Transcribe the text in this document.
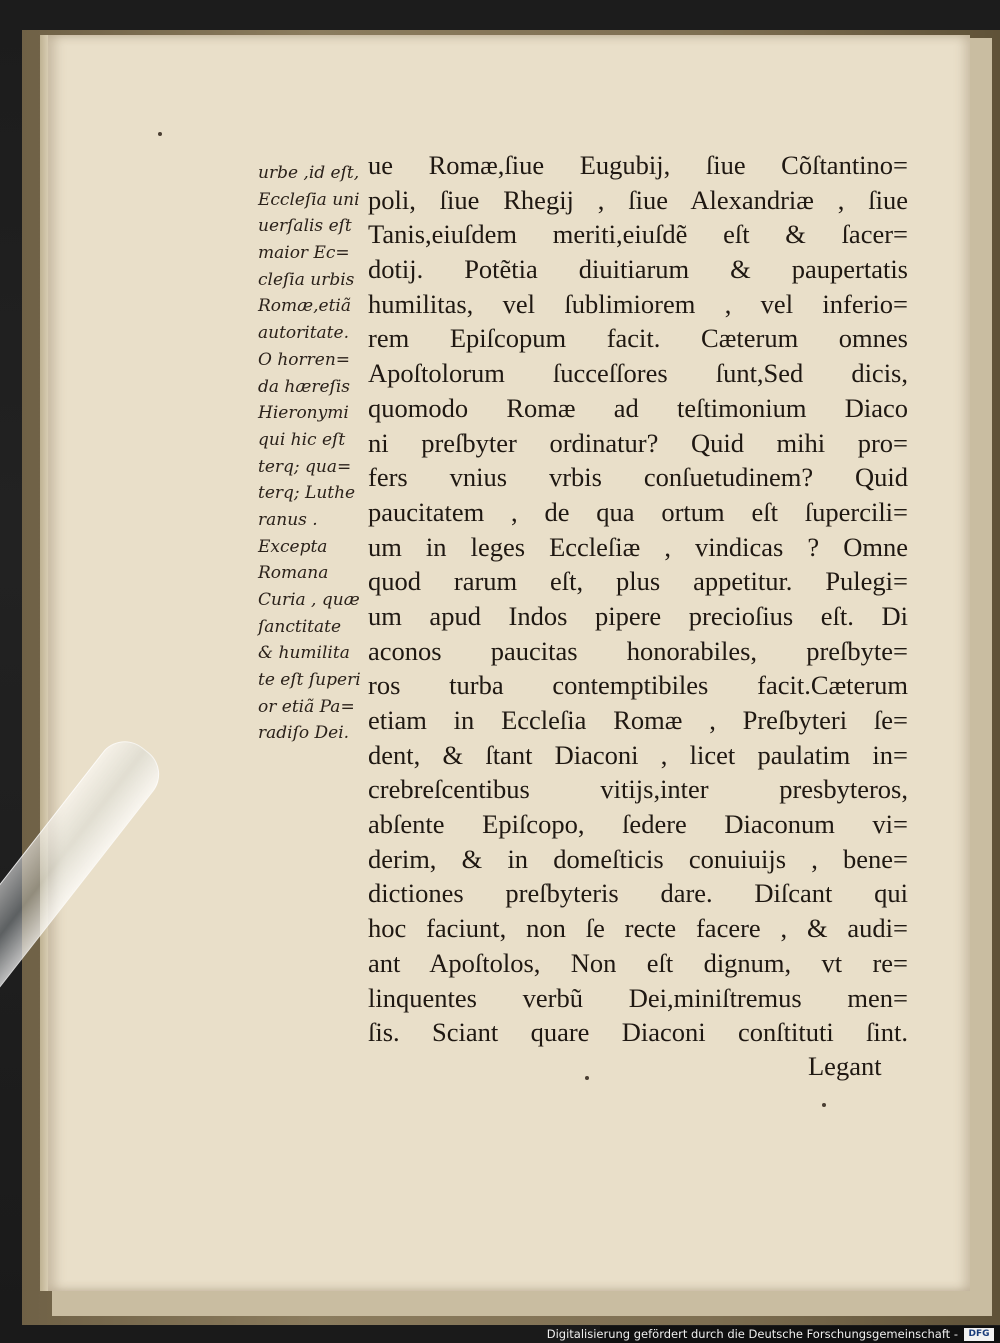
urbe ,id eſt,
Eccleſia uni
uerſalis eſt
maior Ec=
cleſia urbis
Romæ,etiã
autoritate.
O horren=
da hæreſis
Hieronymi
qui hic eſt
terq; qua=
terq; Luthe
ranus .
Excepta
Romana
Curia , quæ
ſanctitate
& humilita
te eſt ſuperi
or etiã Pa=
radiſo Dei.
ue Romæ,ſiue Eugubij, ſiue Cõſtantino=
poli, ſiue Rhegij , ſiue Alexandriæ , ſiue
Tanis,eiuſdem meriti,eiuſdẽ eſt & ſacer=
dotij. Potẽtia diuitiarum & paupertatis
humilitas, vel ſublimiorem , vel inferio=
rem Epiſcopum facit. Cæterum omnes
Apoſtolorum ſucceſſores ſunt,Sed dicis,
quomodo Romæ ad teſtimonium Diaco
ni preſbyter ordinatur? Quid mihi pro=
fers vnius vrbis conſuetudinem? Quid
paucitatem , de qua ortum eſt ſupercili=
um in leges Eccleſiæ , vindicas ? Omne
quod rarum eſt, plus appetitur. Pulegi=
um apud Indos pipere precioſius eſt. Di
aconos paucitas honorabiles, preſbyte=
ros turba contemptibiles facit.Cæterum
etiam in Eccleſia Romæ , Preſbyteri ſe=
dent, & ſtant Diaconi , licet paulatim in=
crebreſcentibus vitijs,inter presbyteros,
abſente Epiſcopo, ſedere Diaconum vi=
derim, & in domeſticis conuiuijs , bene=
dictiones preſbyteris dare. Diſcant qui
hoc faciunt, non ſe recte facere , & audi=
ant Apoſtolos, Non eſt dignum, vt re=
linquentes verbũ Dei,miniſtremus men=
ſis. Sciant quare Diaconi conſtituti ſint.
Legant
Digitalisierung gefördert durch die Deutsche Forschungsgemeinschaft -	DFG
